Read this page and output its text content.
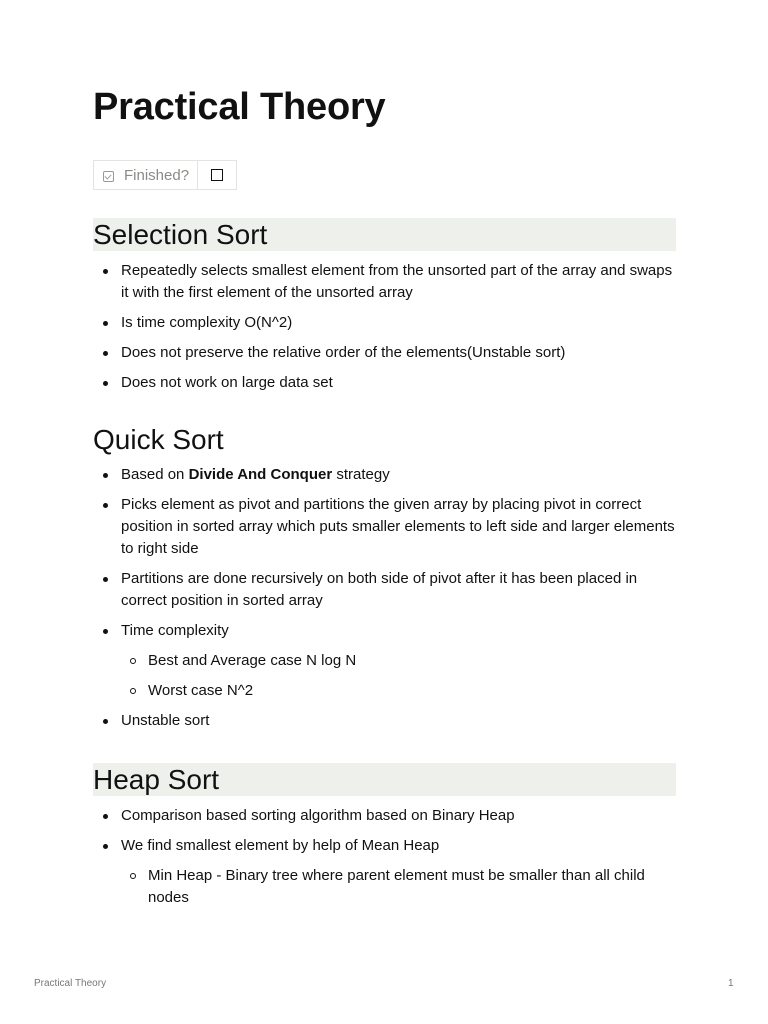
Practical Theory
Finished?
Selection Sort
Repeatedly selects smallest element from the unsorted part of the array and swaps it with the first element of the unsorted array
Is time complexity O(N^2)
Does not preserve the relative order of the elements(Unstable sort)
Does not work on large data set
Quick Sort
Based on Divide And Conquer strategy
Picks element as pivot and partitions the given array by placing pivot in correct position in sorted array which puts smaller elements to left side and larger elements to right side
Partitions are done recursively on both side of pivot after it has been placed in correct position in sorted array
Time complexity
Best and Average case N log N
Worst case N^2
Unstable sort
Heap Sort
Comparison based sorting algorithm based on Binary Heap
We find smallest element by help of Mean Heap
Min Heap - Binary tree where parent element must be smaller than all child nodes
Practical Theory	1
